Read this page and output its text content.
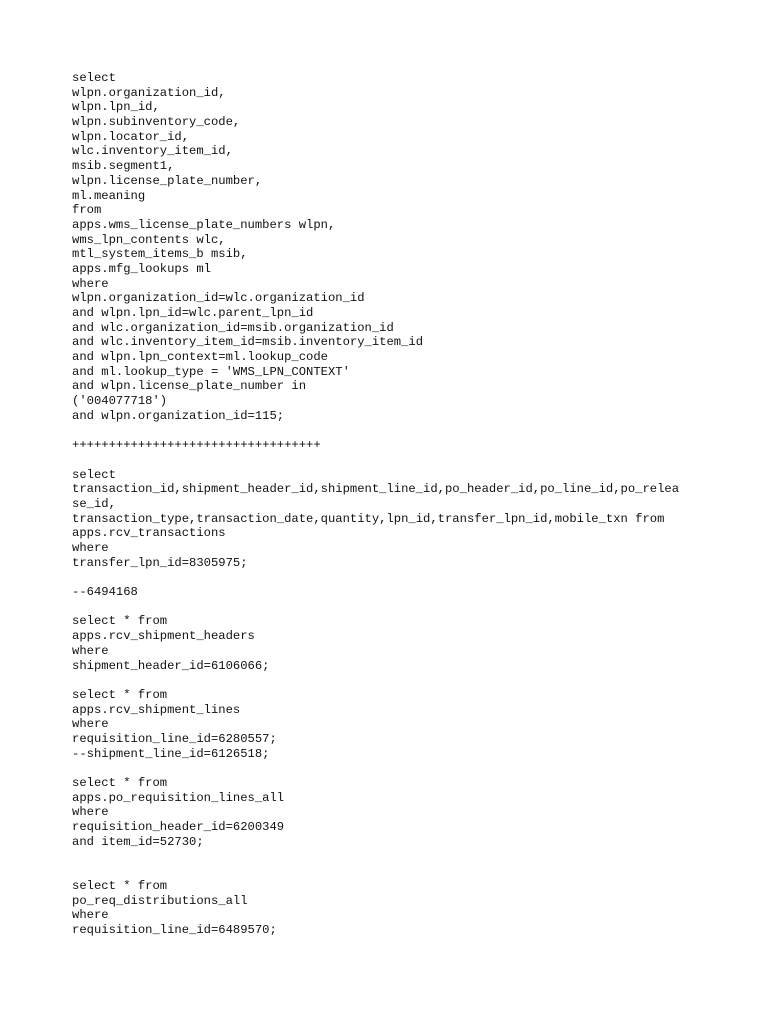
select
wlpn.organization_id,
wlpn.lpn_id,
wlpn.subinventory_code,
wlpn.locator_id,
wlc.inventory_item_id,
msib.segment1,
wlpn.license_plate_number,
ml.meaning
from
apps.wms_license_plate_numbers wlpn,
wms_lpn_contents wlc,
mtl_system_items_b msib,
apps.mfg_lookups ml
where
wlpn.organization_id=wlc.organization_id
and wlpn.lpn_id=wlc.parent_lpn_id
and wlc.organization_id=msib.organization_id
and wlc.inventory_item_id=msib.inventory_item_id
and wlpn.lpn_context=ml.lookup_code
and ml.lookup_type = 'WMS_LPN_CONTEXT'
and wlpn.license_plate_number in
('004077718')
and wlpn.organization_id=115;
++++++++++++++++++++++++++++++++++
select
transaction_id,shipment_header_id,shipment_line_id,po_header_id,po_line_id,po_relea
se_id,
transaction_type,transaction_date,quantity,lpn_id,transfer_lpn_id,mobile_txn from
apps.rcv_transactions
where
transfer_lpn_id=8305975;
--6494168
select * from
apps.rcv_shipment_headers
where
shipment_header_id=6106066;
select * from
apps.rcv_shipment_lines
where
requisition_line_id=6280557;
--shipment_line_id=6126518;
select * from
apps.po_requisition_lines_all
where
requisition_header_id=6200349
and item_id=52730;
select * from
po_req_distributions_all
where
requisition_line_id=6489570;
